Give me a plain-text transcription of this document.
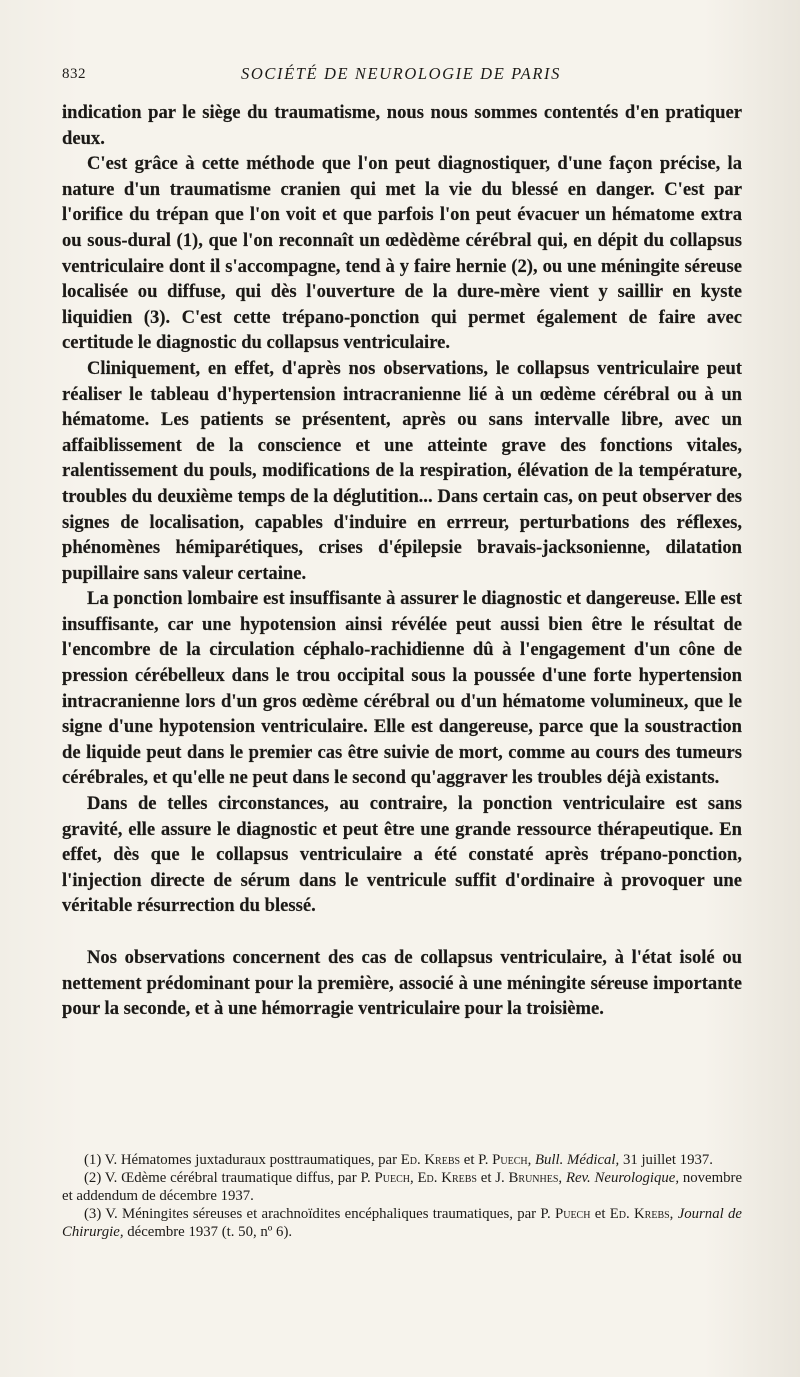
832	SOCIÉTÉ DE NEUROLOGIE DE PARIS

indication par le siège du traumatisme, nous nous sommes contentés d'en pratiquer deux.

C'est grâce à cette méthode que l'on peut diagnostiquer, d'une façon précise, la nature d'un traumatisme cranien qui met la vie du blessé en danger. C'est par l'orifice du trépan que l'on voit et que parfois l'on peut évacuer un hématome extra ou sous-dural (1), que l'on reconnaît un œdèdème cérébral qui, en dépit du collapsus ventriculaire dont il s'accompagne, tend à y faire hernie (2), ou une méningite séreuse localisée ou diffuse, qui dès l'ouverture de la dure-mère vient y saillir en kyste liquidien (3). C'est cette trépano-ponction qui permet également de faire avec certitude le diagnostic du collapsus ventriculaire.

Cliniquement, en effet, d'après nos observations, le collapsus ventriculaire peut réaliser le tableau d'hypertension intracranienne lié à un œdème cérébral ou à un hématome. Les patients se présentent, après ou sans intervalle libre, avec un affaiblissement de la conscience et une atteinte grave des fonctions vitales, ralentissement du pouls, modifications de la respiration, élévation de la température, troubles du deuxième temps de la déglutition... Dans certain cas, on peut observer des signes de localisation, capables d'induire en errreur, perturbations des réflexes, phénomènes hémiparétiques, crises d'épilepsie bravais-jacksonienne, dilatation pupillaire sans valeur certaine.

La ponction lombaire est insuffisante à assurer le diagnostic et dangereuse. Elle est insuffisante, car une hypotension ainsi révélée peut aussi bien être le résultat de l'encombre de la circulation céphalo-rachidienne dû à l'engagement d'un cône de pression cérébelleux dans le trou occipital sous la poussée d'une forte hypertension intracranienne lors d'un gros œdème cérébral ou d'un hématome volumineux, que le signe d'une hypotension ventriculaire. Elle est dangereuse, parce que la soustraction de liquide peut dans le premier cas être suivie de mort, comme au cours des tumeurs cérébrales, et qu'elle ne peut dans le second qu'aggraver les troubles déjà existants.

Dans de telles circonstances, au contraire, la ponction ventriculaire est sans gravité, elle assure le diagnostic et peut être une grande ressource thérapeutique. En effet, dès que le collapsus ventriculaire a été constaté après trépano-ponction, l'injection directe de sérum dans le ventricule suffit d'ordinaire à provoquer une véritable résurrection du blessé.

Nos observations concernent des cas de collapsus ventriculaire, à l'état isolé ou nettement prédominant pour la première, associé à une méningite séreuse importante pour la seconde, et à une hémorragie ventriculaire pour la troisième.

(1) V. Hématomes juxtaduraux posttraumatiques, par Ed. Krebs et P. Puech, Bull. Médical, 31 juillet 1937.

(2) V. Œdème cérébral traumatique diffus, par P. Puech, Ed. Krebs et J. Brunhes, Rev. Neurologique, novembre et addendum de décembre 1937.

(3) V. Méningites séreuses et arachnoïdites encéphaliques traumatiques, par P. Puech et Ed. Krebs, Journal de Chirurgie, décembre 1937 (t. 50, nº 6).
